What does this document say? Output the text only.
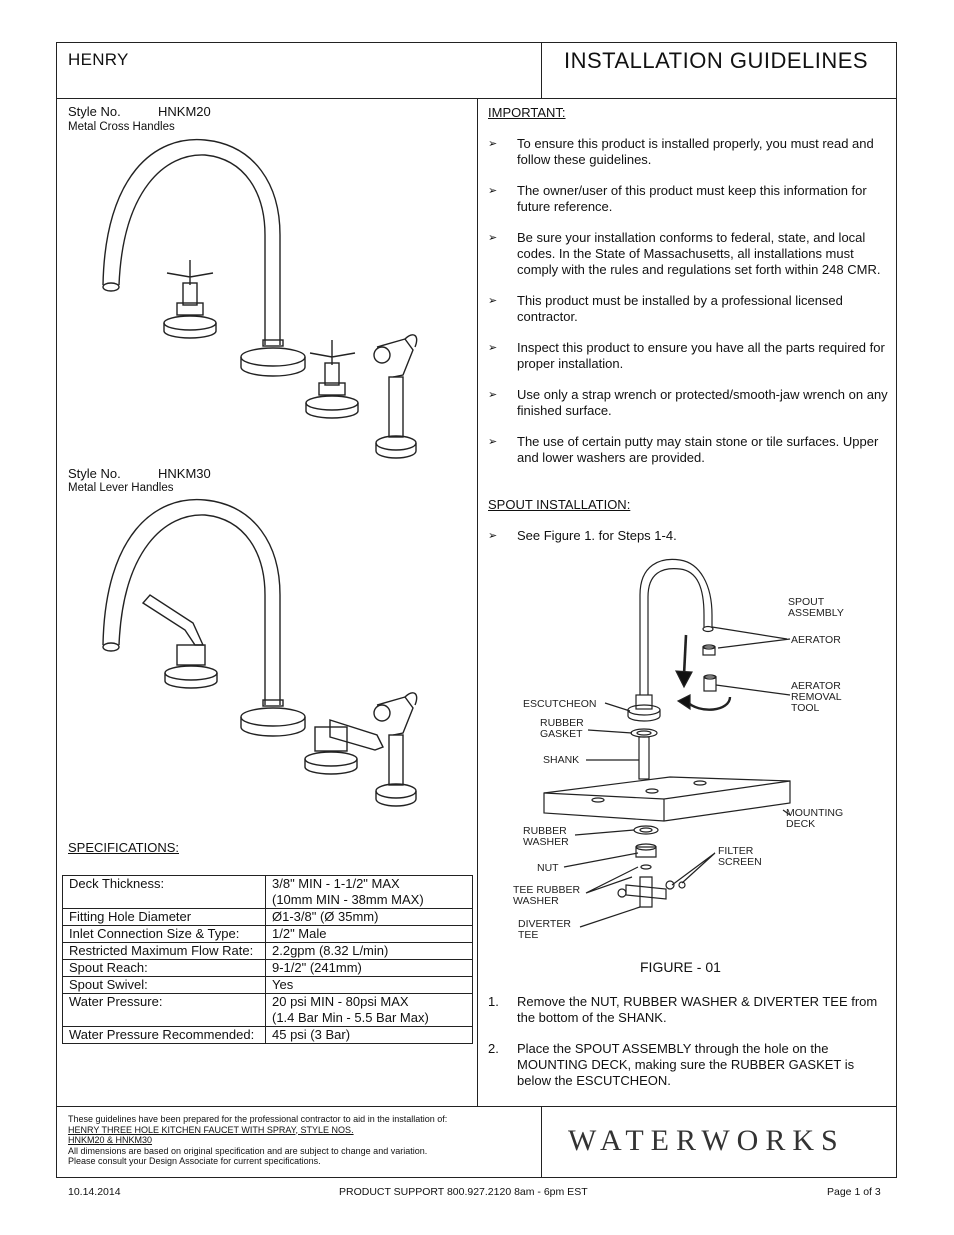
HENRY	INSTALLATION GUIDELINES
Style No.	HNKM20
Metal Cross Handles
Style No.	HNKM30
Metal Lever Handles
SPECIFICATIONS:
Deck Thickness:	3/8" MIN - 1-1/2" MAX
(10mm MIN - 38mm MAX)
Fitting Hole Diameter	Ø1-3/8" (Ø 35mm)
Inlet Connection Size & Type:	1/2" Male
Restricted Maximum Flow Rate:	2.2gpm (8.32 L/min)
Spout Reach:	9-1/2" (241mm)
Spout Swivel:	Yes
Water Pressure:	20 psi MIN - 80psi MAX
(1.4 Bar Min - 5.5 Bar Max)
Water Pressure Recommended:	45 psi (3 Bar)
IMPORTANT:
➢ To ensure this product is installed properly, you must read and follow these guidelines.
➢ The owner/user of this product must keep this information for future reference.
➢ Be sure your installation conforms to federal, state, and local codes. In the State of Massachusetts, all installations must comply with the rules and regulations set forth within 248 CMR.
➢ This product must be installed by a professional licensed contractor.
➢ Inspect this product to ensure you have all the parts required for proper installation.
➢ Use only a strap wrench or protected/smooth-jaw wrench on any finished surface.
➢ The use of certain putty may stain stone or tile surfaces. Upper and lower washers are provided.
SPOUT INSTALLATION:
➢ See Figure 1. for Steps 1-4.
SPOUT
ASSEMBLY
AERATOR
AERATOR
REMOVAL
TOOL
ESCUTCHEON
RUBBER
GASKET
SHANK
MOUNTING
DECK
RUBBER
WASHER
NUT
FILTER
SCREEN
TEE RUBBER
WASHER
DIVERTER
TEE
FIGURE - 01
1. Remove the NUT, RUBBER WASHER & DIVERTER TEE from the bottom of the SHANK.
2. Place the SPOUT ASSEMBLY through the hole on the MOUNTING DECK, making sure the RUBBER GASKET is below the ESCUTCHEON.
These guidelines have been prepared for the professional contractor to aid in the installation of:
HENRY THREE HOLE KITCHEN FAUCET WITH SPRAY, STYLE NOS.
HNKM20 & HNKM30
All dimensions are based on original specification and are subject to change and variation.
Please consult your Design Associate for current specifications.
WATERWORKS
10.14.2014	PRODUCT SUPPORT 800.927.2120 8am - 6pm EST	Page 1 of 3
